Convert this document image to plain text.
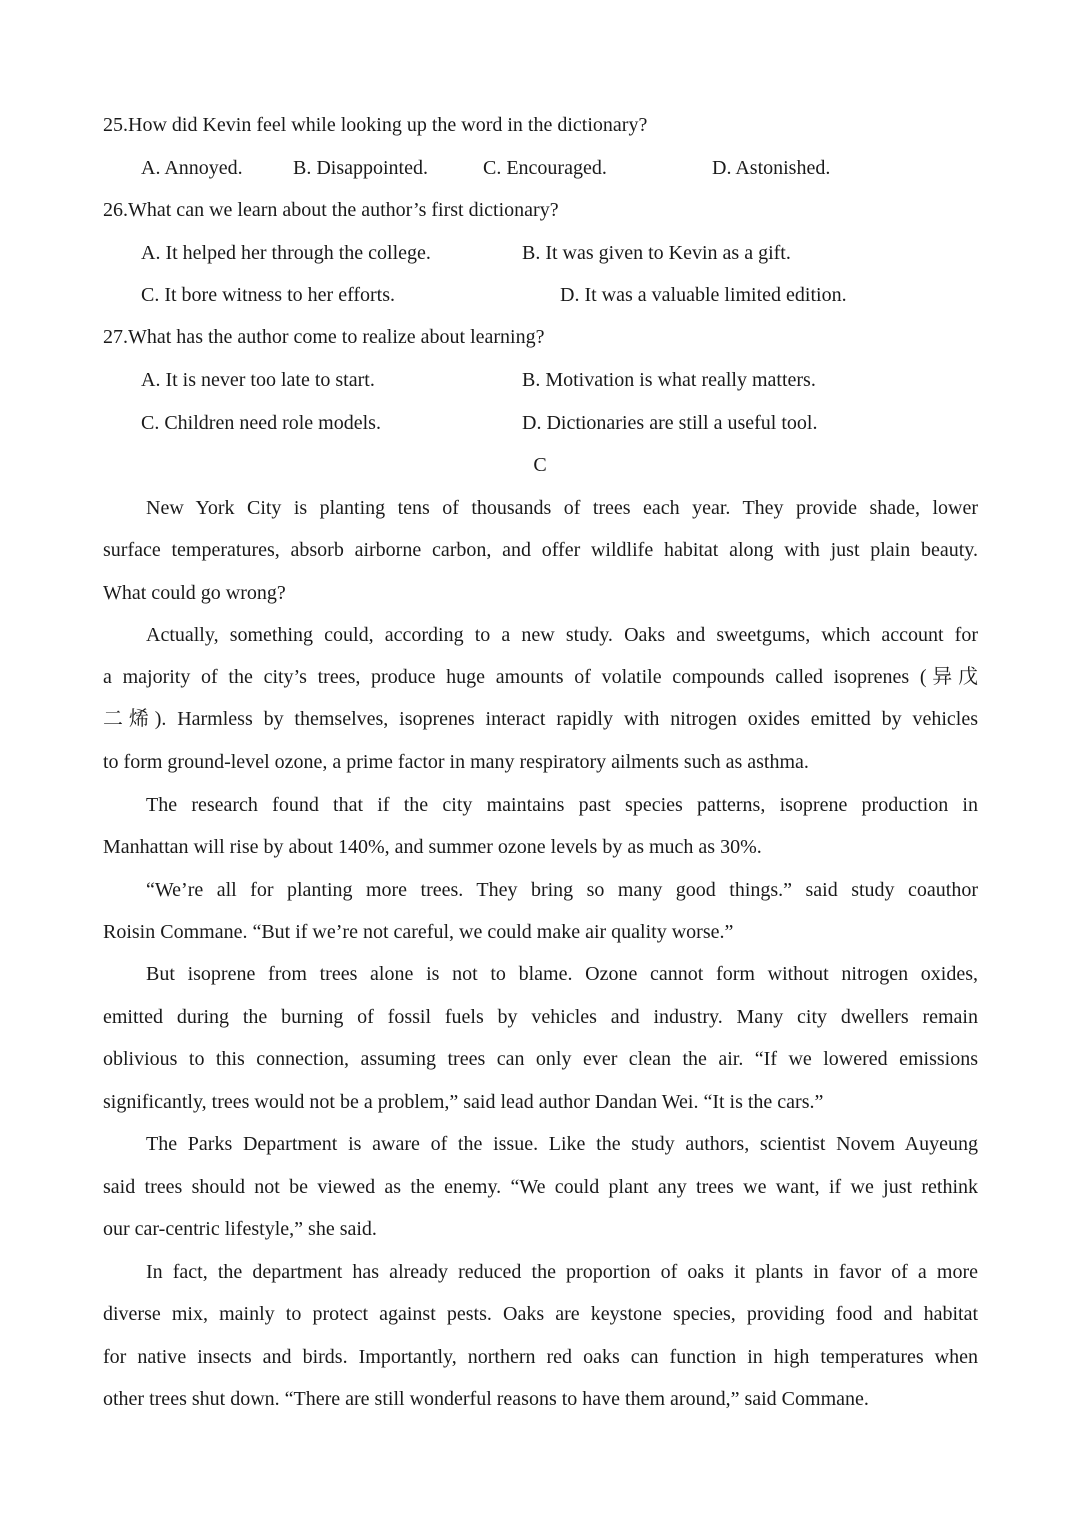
25.How did Kevin feel while looking up the word in the dictionary?
A. Annoyed.	B. Disappointed.	C. Encouraged.	D. Astonished.
26.What can we learn about the author’s first dictionary?
A. It helped her through the college.	B. It was given to Kevin as a gift.
C. It bore witness to her efforts.	D. It was a valuable limited edition.
27.What has the author come to realize about learning?
A. It is never too late to start.	B. Motivation is what really matters.
C. Children need role models.	D. Dictionaries are still a useful tool.
C
New York City is planting tens of thousands of trees each year. They provide shade, lower
surface temperatures, absorb airborne carbon, and offer wildlife habitat along with just plain beauty.
What could go wrong?
Actually, something could, according to a new study. Oaks and sweetgums, which account for
a majority of the city’s trees, produce huge amounts of volatile compounds called isoprenes (异戊
二烯). Harmless by themselves, isoprenes interact rapidly with nitrogen oxides emitted by vehicles
to form ground-level ozone, a prime factor in many respiratory ailments such as asthma.
The research found that if the city maintains past species patterns, isoprene production in
Manhattan will rise by about 140%, and summer ozone levels by as much as 30%.
“We’re all for planting more trees. They bring so many good things.” said study coauthor
Roisin Commane. “But if we’re not careful, we could make air quality worse.”
But isoprene from trees alone is not to blame. Ozone cannot form without nitrogen oxides,
emitted during the burning of fossil fuels by vehicles and industry. Many city dwellers remain
oblivious to this connection, assuming trees can only ever clean the air. “If we lowered emissions
significantly, trees would not be a problem,” said lead author Dandan Wei. “It is the cars.”
The Parks Department is aware of the issue. Like the study authors, scientist Novem Auyeung
said trees should not be viewed as the enemy. “We could plant any trees we want, if we just rethink
our car-centric lifestyle,” she said.
In fact, the department has already reduced the proportion of oaks it plants in favor of a more
diverse mix, mainly to protect against pests. Oaks are keystone species, providing food and habitat
for native insects and birds. Importantly, northern red oaks can function in high temperatures when
other trees shut down. “There are still wonderful reasons to have them around,” said Commane.
